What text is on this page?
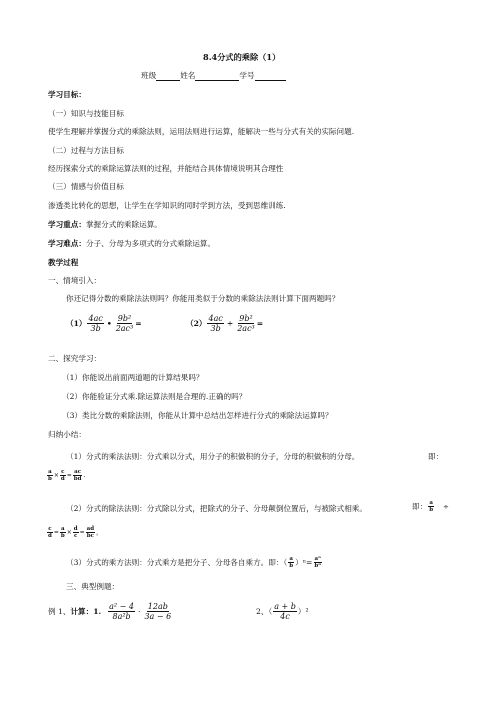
8.4分式的乘除（1）
班级	姓名	学号
学习目标：
（一）知识与技能目标
使学生理解并掌握分式的乘除法则，运用法则进行运算，能解决一些与分式有关的实际问题.
（二）过程与方法目标
经历探索分式的乘除运算法则的过程，并能结合具体情境说明其合理性
（三）情感与价值目标
渗透类比转化的思想，让学生在学知识的同时学到方法，受到思维训练.
学习重点：掌握分式的乘除运算。
学习难点：分子、分母为多项式的分式乘除运算。
教学过程
一、情境引入：
你还记得分数的乘除法法则吗？你能用类似于分数的乘除法法则计算下面两题吗？
$(1) \frac{4ac}{3b}$ • $\frac{\text{9b²}}{\text{2ac³}}$ =	$(2) \frac{4ac}{3b} \div \frac{\text{9b²}}{\text{2ac³}}$ =
二、探究学习：
（1）你能说出前面两道题的计算结果吗？
（2）你能验证分式乘.除运算法则是合理的.正确的吗？
（3）类比分数的乘除法则，你能从计算中总结出怎样进行分式的乘除法运算吗？
归纳小结：
（1）分式的乘法法则：分式乘以分式，用分子的积做积的分子，分母的积做积的分母。	即：
$\frac{a}{b} \times \frac{c}{d} = \frac{ac}{bd}$ .
（2）分式的除法法则：分式除以分式，把除式的分子、分母颠倒位置后，与被除式相乘。	即： $\frac{a}{b}$ ÷
$\frac{c}{d} = \frac{a}{b} \times \frac{d}{c} = \frac{ad}{bc}$ 。
（3）分式的乘方法则：分式乘方是把分子、分母各自乘方。即：（ $\frac{a}{b} )^n= \frac{\text{aⁿ}}{\text{bⁿ}}$
三、典型例题：
例 1、 计算：1. $\frac{\text{a² − 4}}{\text{8a²b}} \cdot \frac{12ab}{3a - 6}$	2、（ $\frac{a + b}{4c} )^2$
